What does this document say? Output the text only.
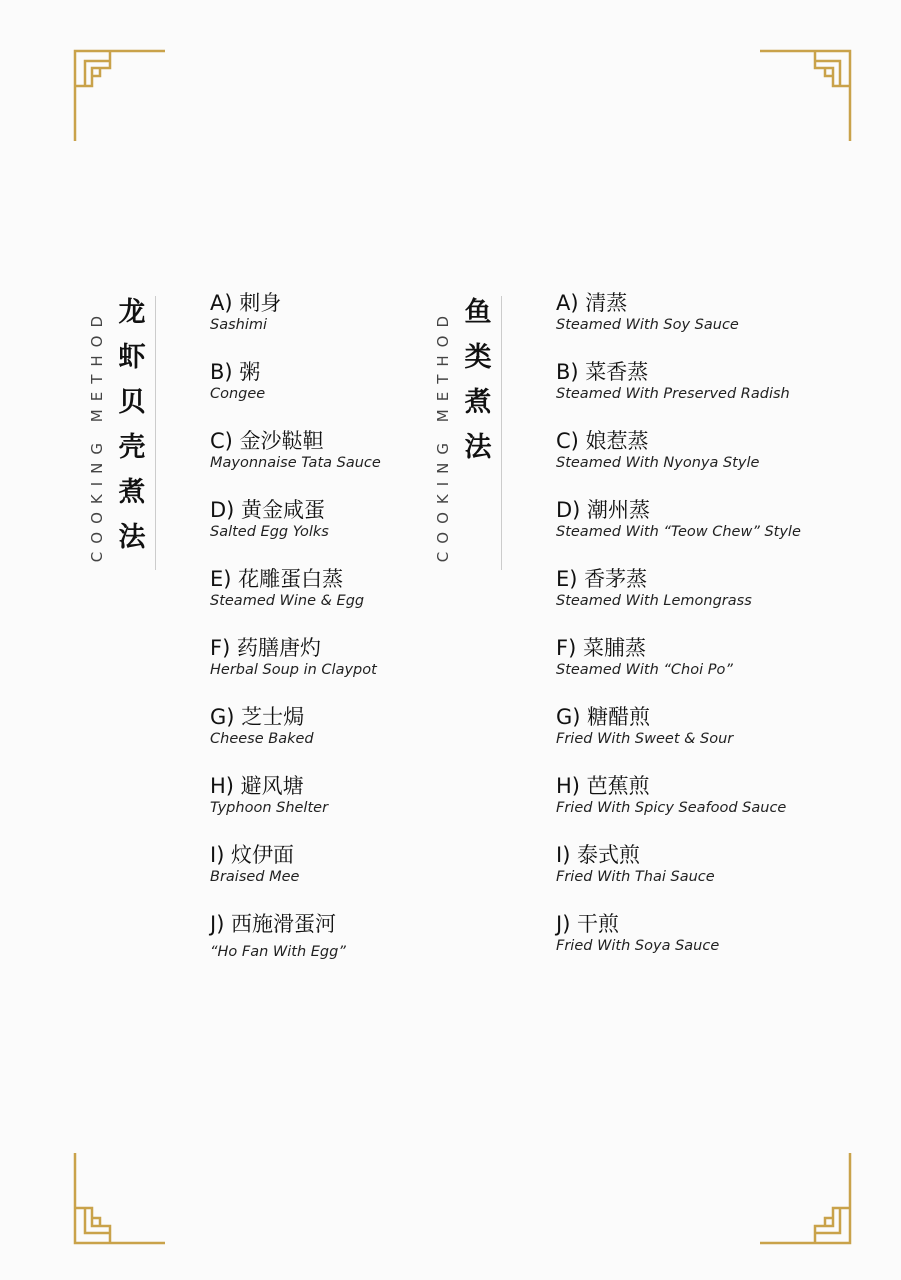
COOKING METHOD 龙
虾
贝
壳
煮
法
A) 刺身
Sashimi
B) 粥
Congee
C) 金沙鞑靼
Mayonnaise Tata Sauce
D) 黄金咸蛋
Salted Egg Yolks
E) 花雕蛋白蒸
Steamed Wine & Egg
F) 药膳唐灼
Herbal Soup in Claypot
G) 芝士焗
Cheese Baked
H) 避风塘
Typhoon Shelter
I) 炆伊面
Braised Mee
J) 西施滑蛋河
“Ho Fan With Egg”
COOKING METHOD 鱼
类
煮
法
A) 清蒸
Steamed With Soy Sauce
B) 菜香蒸
Steamed With Preserved Radish
C) 娘惹蒸
Steamed With Nyonya Style
D) 潮州蒸
Steamed With “Teow Chew” Style
E) 香茅蒸
Steamed With Lemongrass
F) 菜脯蒸
Steamed With “Choi Po”
G) 糖醋煎
Fried With Sweet & Sour
H) 芭蕉煎
Fried With Spicy Seafood Sauce
I) 泰式煎
Fried With Thai Sauce
J) 干煎
Fried With Soya Sauce
